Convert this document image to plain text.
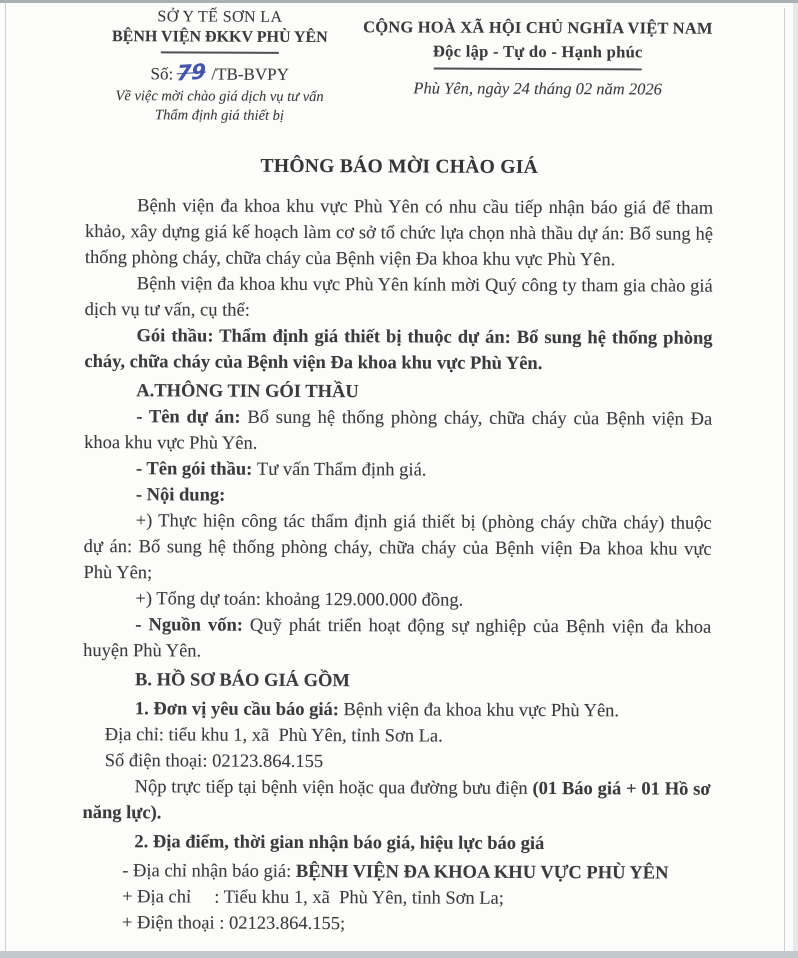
SỞ Y TẾ SƠN LA
BỆNH VIỆN ĐKKV PHÙ YÊN
Số: 79 /TB-BVPY
Về việc mời chào giá dịch vụ tư vấn
Thẩm định giá thiết bị
CỘNG HOÀ XÃ HỘI CHỦ NGHĨA VIỆT NAM
Độc lập - Tự do - Hạnh phúc
Phù Yên, ngày 24 tháng 02 năm 2026
THÔNG BÁO MỜI CHÀO GIÁ

Bệnh viện đa khoa khu vực Phù Yên có nhu cầu tiếp nhận báo giá để tham khảo, xây dựng giá kế hoạch làm cơ sở tổ chức lựa chọn nhà thầu dự án: Bổ sung hệ thống phòng cháy, chữa cháy của Bệnh viện Đa khoa khu vực Phù Yên.

Bệnh viện đa khoa khu vực Phù Yên kính mời Quý công ty tham gia chào giá dịch vụ tư vấn, cụ thể:

Gói thầu: Thẩm định giá thiết bị thuộc dự án: Bổ sung hệ thống phòng cháy, chữa cháy của Bệnh viện Đa khoa khu vực Phù Yên.

A.THÔNG TIN GÓI THẦU

- Tên dự án: Bổ sung hệ thống phòng cháy, chữa cháy của Bệnh viện Đa khoa khu vực Phù Yên.

- Tên gói thầu: Tư vấn Thẩm định giá.

- Nội dung:

+) Thực hiện công tác thẩm định giá thiết bị (phòng cháy chữa cháy) thuộc dự án: Bổ sung hệ thống phòng cháy, chữa cháy của Bệnh viện Đa khoa khu vực Phù Yên;

+) Tổng dự toán: khoảng 129.000.000 đồng.

- Nguồn vốn: Quỹ phát triển hoạt động sự nghiệp của Bệnh viện đa khoa huyện Phù Yên.

B. HỒ SƠ BÁO GIÁ GỒM

1. Đơn vị yêu cầu báo giá: Bệnh viện đa khoa khu vực Phù Yên.

Địa chỉ: tiểu khu 1, xã  Phù Yên, tỉnh Sơn La.

Số điện thoại: 02123.864.155

Nộp trực tiếp tại bệnh viện hoặc qua đường bưu điện (01 Báo giá + 01 Hồ sơ năng lực).

2. Địa điểm, thời gian nhận báo giá, hiệu lực báo giá

- Địa chỉ nhận báo giá: BỆNH VIỆN ĐA KHOA KHU VỰC PHÙ YÊN

+ Địa chỉ     : Tiểu khu 1, xã  Phù Yên, tỉnh Sơn La;

+ Điện thoại : 02123.864.155;
